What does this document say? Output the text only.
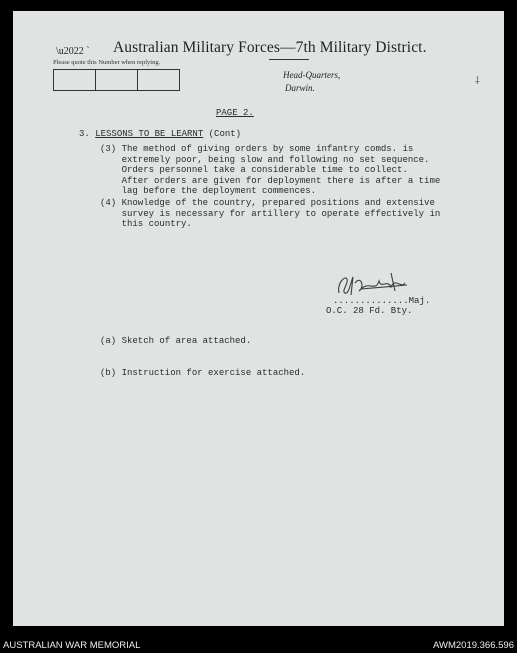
\u2022 ` Australian Military Forces—7th Military District.
Please quote this Number when replying.
Head-Quarters,
Darwin.
⸸
PAGE 2.
3. LESSONS TO BE LEARNT (Cont)
(3) The method of giving orders by some infantry comds. is
extremely poor, being slow and following no set sequence.
Orders personnel take a considerable time to collect.
After orders are given for deployment there is after a time
lag before the deployment commences.
(4) Knowledge of the country, prepared positions and extensive
survey is necessary for artillery to operate effectively in
this country.
..............Maj.
O.C. 28 Fd. Bty.

(a) Sketch of area attached.

(b) Instruction for exercise attached.

AUSTRALIAN WAR MEMORIAL	AWM2019.366.596
